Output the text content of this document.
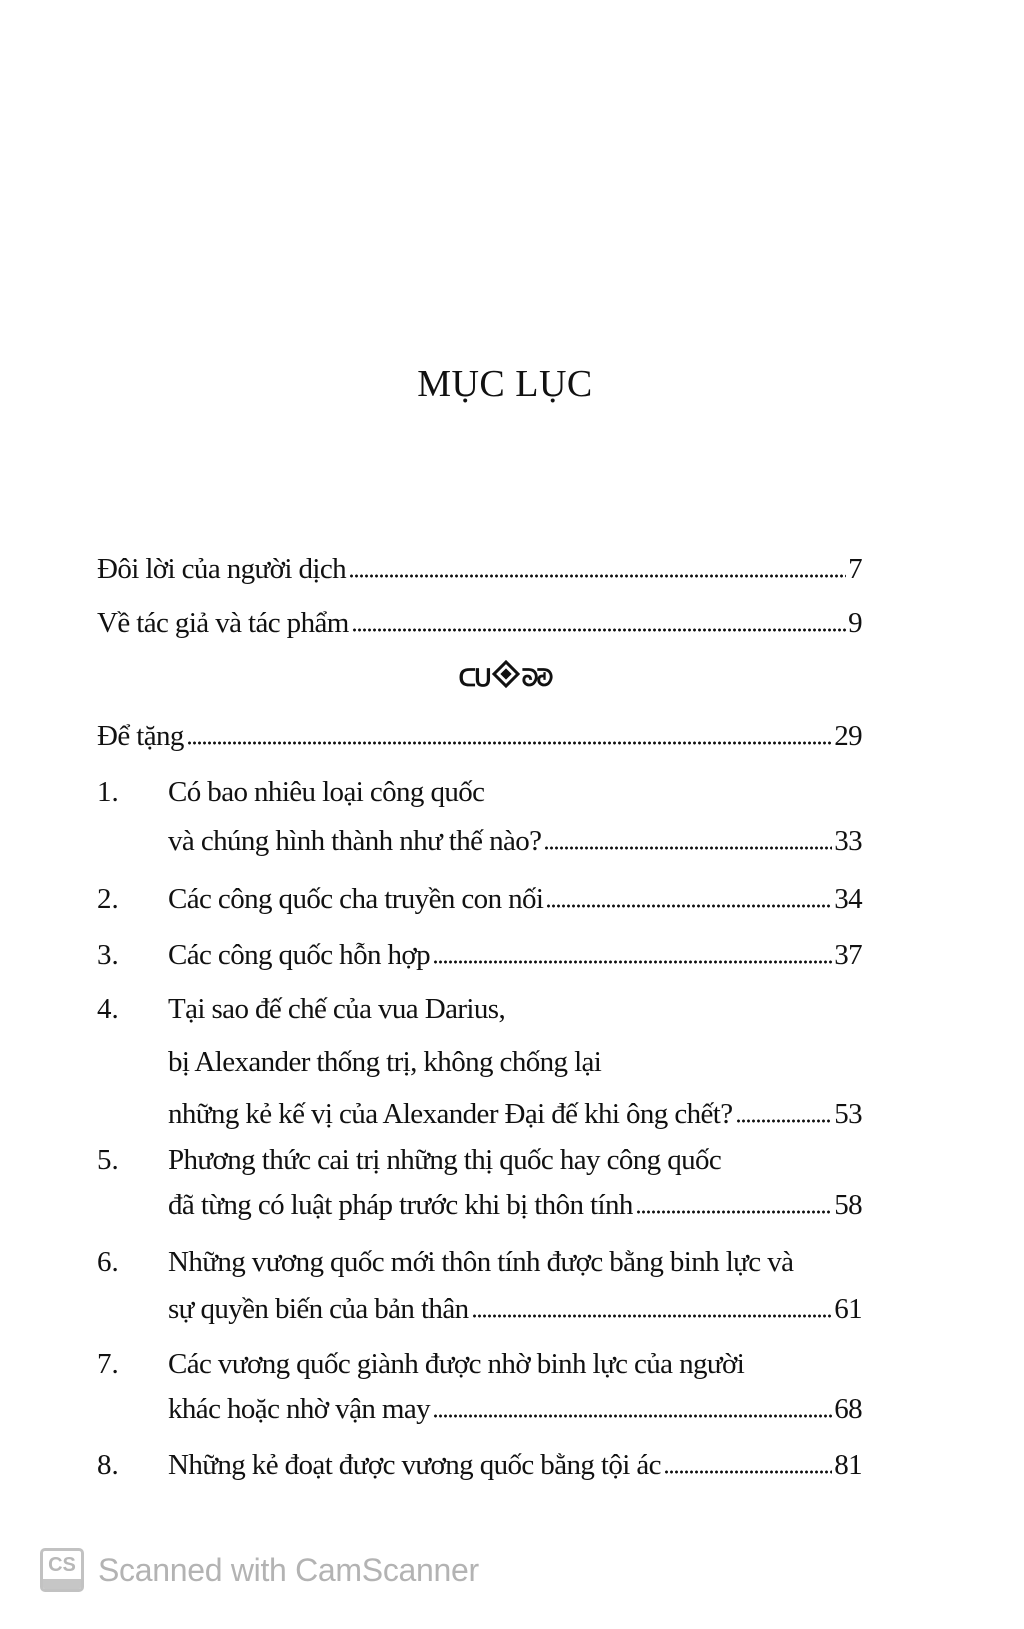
MỤC LỤC
Đôi lời của người dịch	7
Về tác giả và tác phẩm	9
ᑕᑌ ᘐᘑ
Để tặng	29
1. Có bao nhiêu loại công quốc
và chúng hình thành như thế nào?	33
2. Các công quốc cha truyền con nối	34
3. Các công quốc hỗn hợp	37
4. Tại sao đế chế của vua Darius,
bị Alexander thống trị, không chống lại
những kẻ kế vị của Alexander Đại đế khi ông chết?	53
5. Phương thức cai trị những thị quốc hay công quốc
đã từng có luật pháp trước khi bị thôn tính	58
6. Những vương quốc mới thôn tính được bằng binh lực và
sự quyền biến của bản thân	61
7. Các vương quốc giành được nhờ binh lực của người
khác hoặc nhờ vận may	68
8. Những kẻ đoạt được vương quốc bằng tội ác	81
CS Scanned with CamScanner
